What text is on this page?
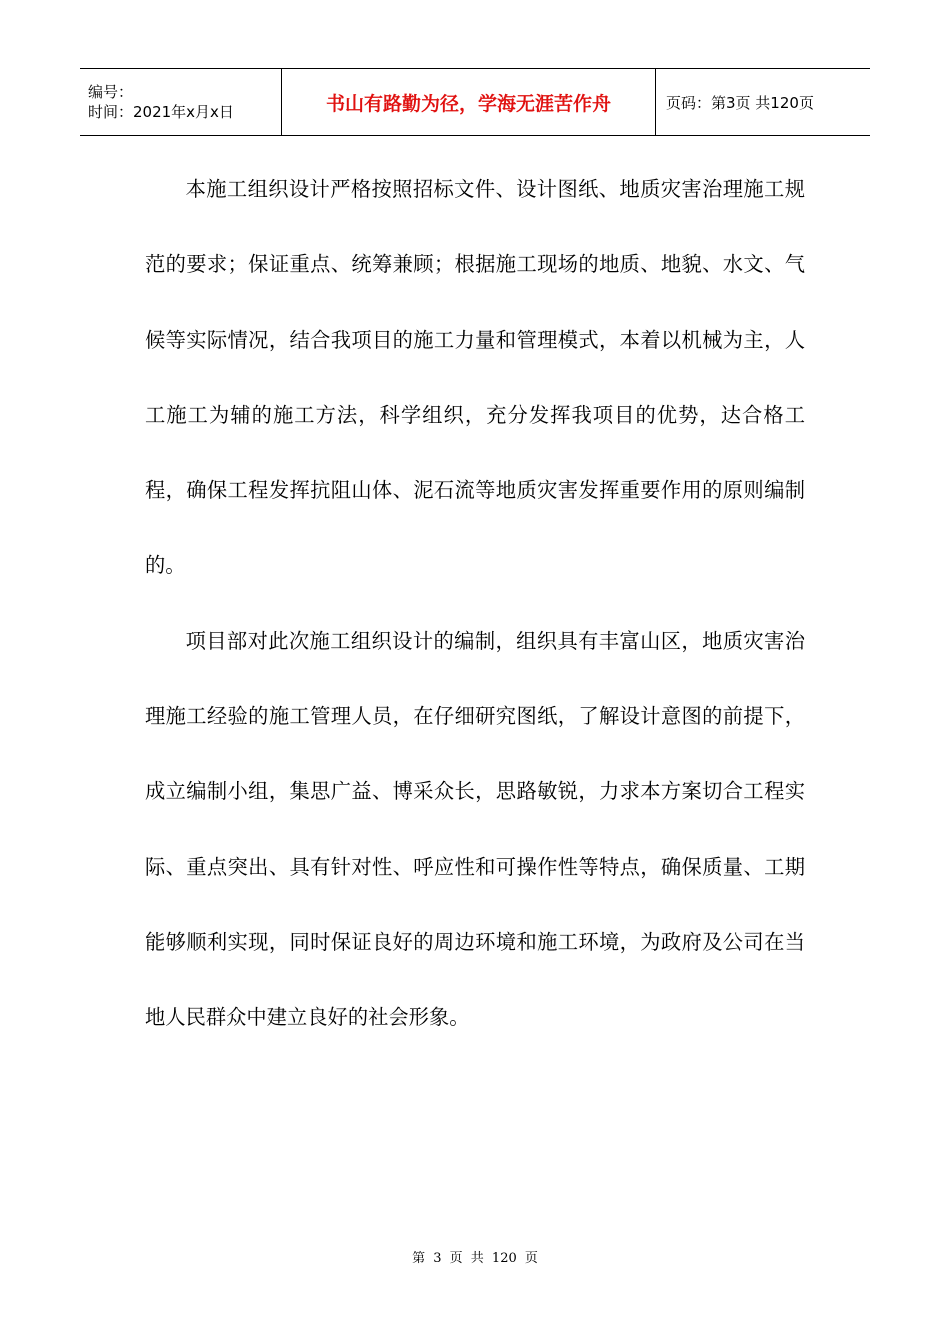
编号：
时间：2021年x月x日	书山有路勤为径，学海无涯苦作舟	页码：第3页 共120页

本施工组织设计严格按照招标文件、设计图纸、地质灾害治理施工规范的要求；保证重点、统筹兼顾；根据施工现场的地质、地貌、水文、气候等实际情况，结合我项目的施工力量和管理模式，本着以机械为主，人工施工为辅的施工方法，科学组织，充分发挥我项目的优势，达合格工程，确保工程发挥抗阻山体、泥石流等地质灾害发挥重要作用的原则编制的。

项目部对此次施工组织设计的编制，组织具有丰富山区，地质灾害治理施工经验的施工管理人员，在仔细研究图纸，了解设计意图的前提下，成立编制小组，集思广益、博采众长，思路敏锐，力求本方案切合工程实际、重点突出、具有针对性、呼应性和可操作性等特点，确保质量、工期能够顺利实现，同时保证良好的周边环境和施工环境，为政府及公司在当地人民群众中建立良好的社会形象。

第 3 页 共 120 页
